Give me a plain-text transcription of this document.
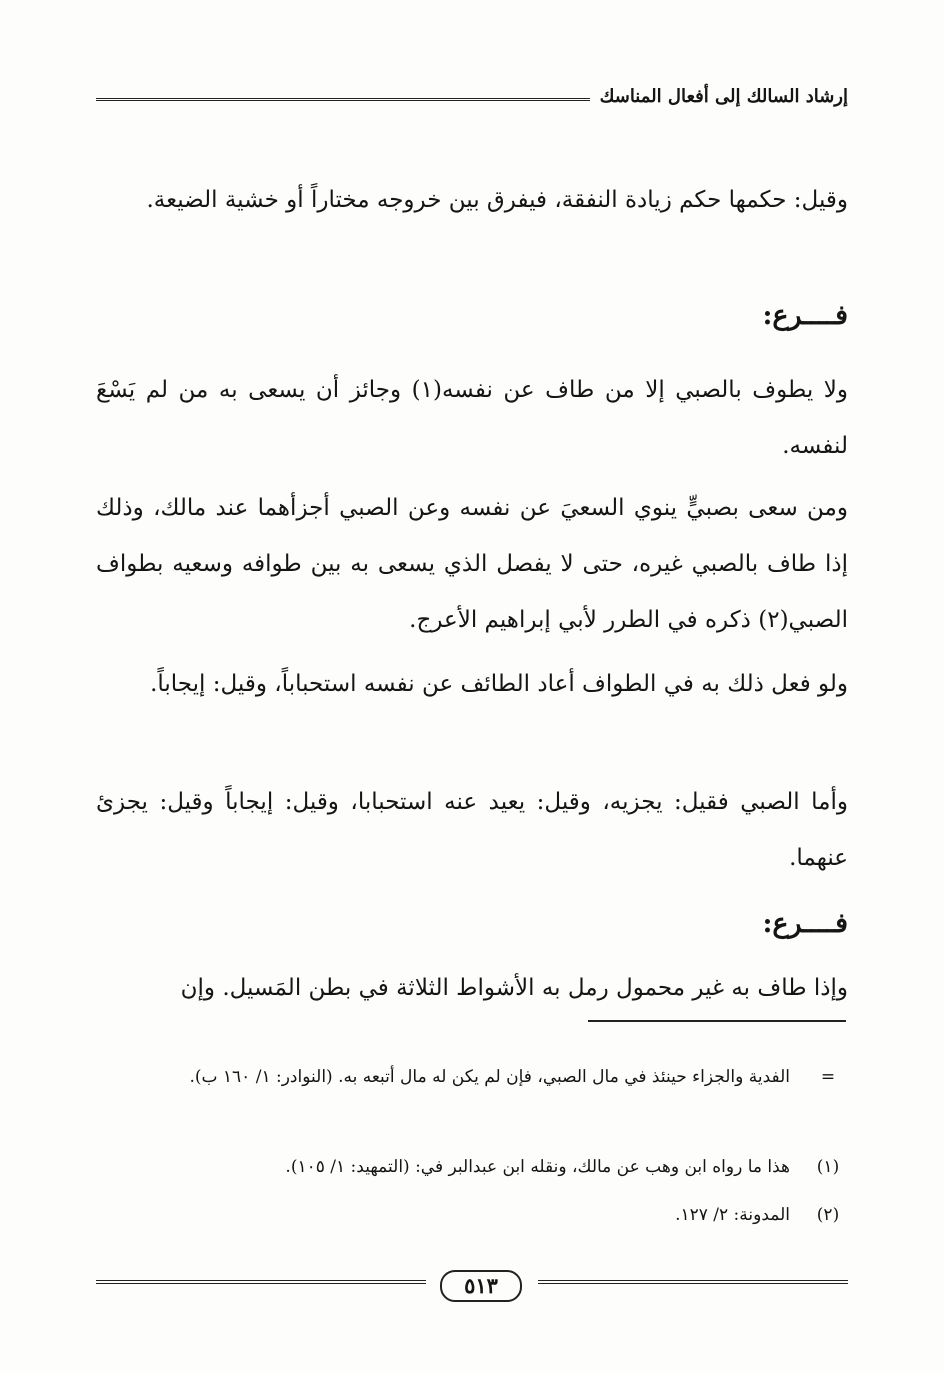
إرشاد السالك إلى أفعال المناسك
وقيل: حكمها حكم زيادة النفقة، فيفرق بين خروجه مختاراً أو خشية الضيعة.
فــــرع:
ولا يطوف بالصبي إلا من طاف عن نفسه(١) وجائز أن يسعى به من لم يَسْعَ لنفسه.
ومن سعى بصبيٍّ ينوي السعيَ عن نفسه وعن الصبي أجزأهما عند مالك، وذلك إذا طاف بالصبي غيره، حتى لا يفصل الذي يسعى به بين طوافه وسعيه بطواف الصبي(٢) ذكره في الطرر لأبي إبراهيم الأعرج.
ولو فعل ذلك به في الطواف أعاد الطائف عن نفسه استحباباً، وقيل: إيجاباً.
وأما الصبي فقيل: يجزيه، وقيل: يعيد عنه استحبابا، وقيل: إيجاباً وقيل: يجزئ عنهما.
فــــرع:
وإذا طاف به غير محمول رمل به الأشواط الثلاثة في بطن المَسيل. وإن
=
الفدية والجزاء حينئذ في مال الصبي، فإن لم يكن له مال أتبعه به. (النوادر: ١/ ١٦٠ ب).
(١)
هذا ما رواه ابن وهب عن مالك، ونقله ابن عبدالبر في: (التمهيد: ١/ ١٠٥).
(٢)
المدونة: ٢/ ١٢٧.
٥١٣
